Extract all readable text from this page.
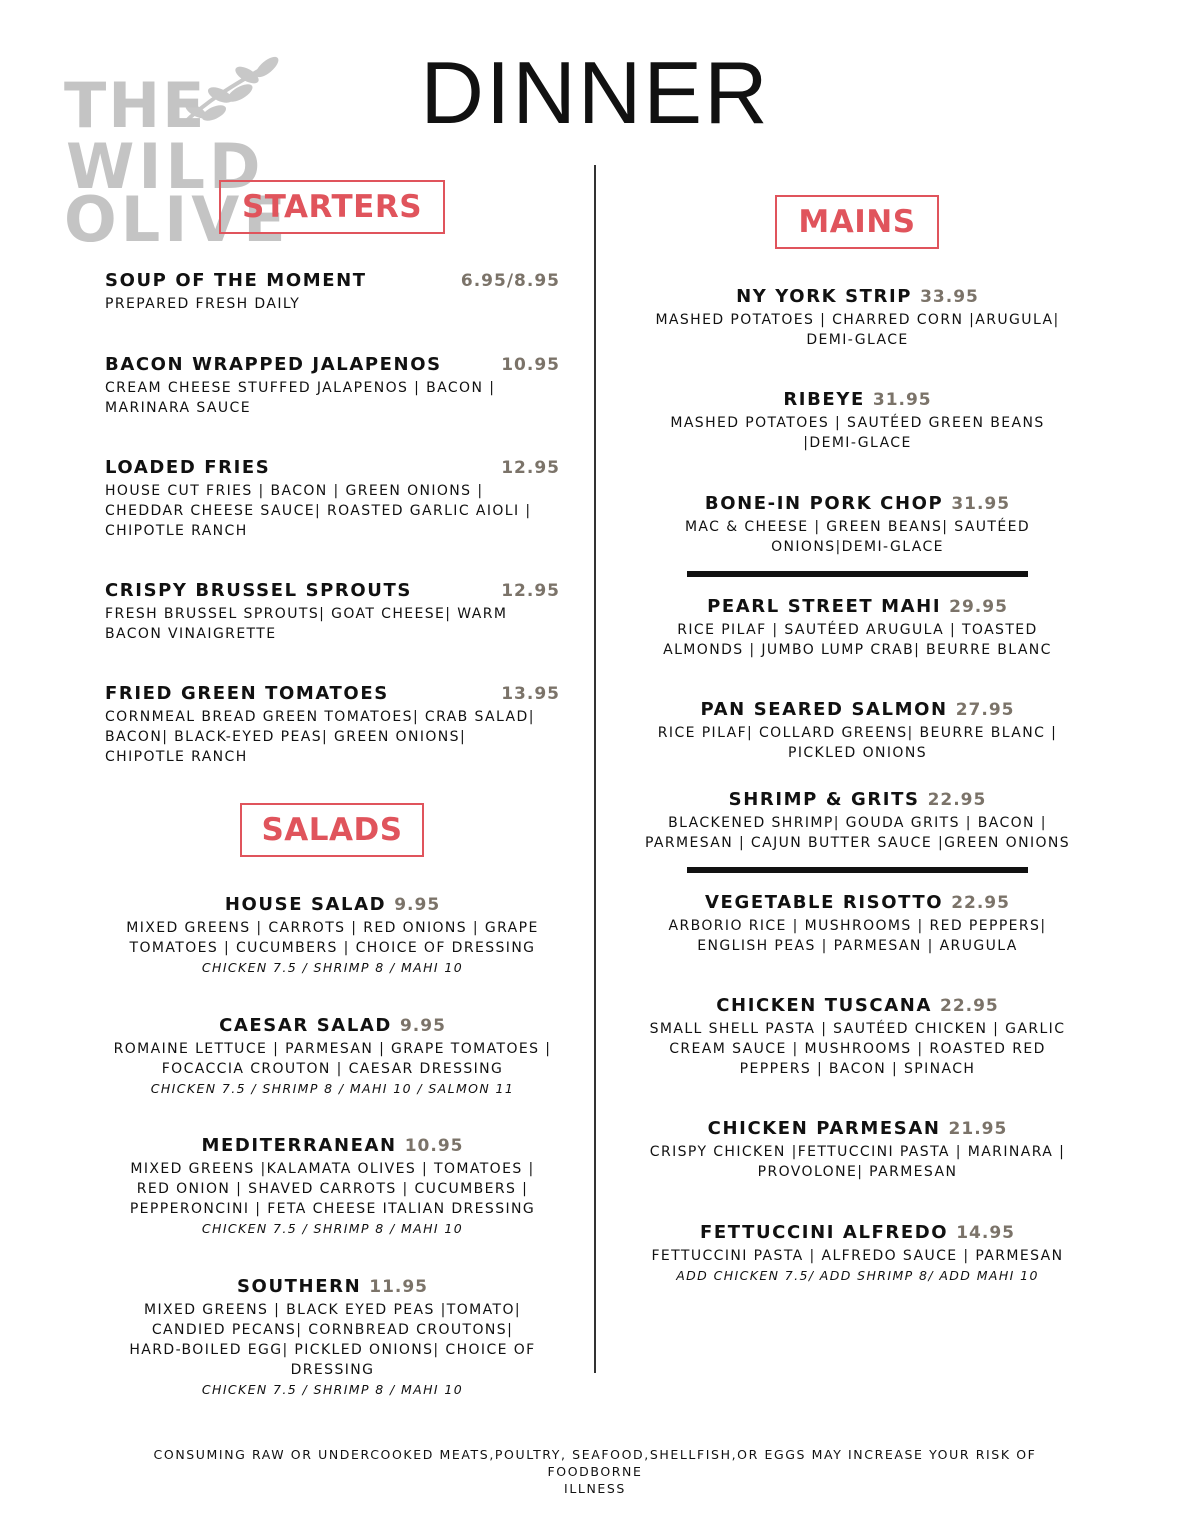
DINNER
THE
WILD
OLIVE
STARTERS	MAINS
SALADS
SOUP OF THE MOMENT	6.95/8.95
PREPARED FRESH DAILY
BACON WRAPPED JALAPENOS	10.95
CREAM CHEESE STUFFED JALAPENOS | BACON |
MARINARA SAUCE
LOADED FRIES	12.95
HOUSE CUT FRIES | BACON | GREEN ONIONS |
CHEDDAR CHEESE SAUCE| ROASTED GARLIC AIOLI |
CHIPOTLE RANCH
CRISPY BRUSSEL SPROUTS	12.95
FRESH BRUSSEL SPROUTS| GOAT CHEESE| WARM
BACON VINAIGRETTE
FRIED GREEN TOMATOES	13.95
CORNMEAL BREAD GREEN TOMATOES| CRAB SALAD|
BACON| BLACK-EYED PEAS| GREEN ONIONS|
CHIPOTLE RANCH
HOUSE SALAD 9.95
MIXED GREENS | CARROTS | RED ONIONS | GRAPE
TOMATOES | CUCUMBERS | CHOICE OF DRESSING
CHICKEN 7.5 / SHRIMP 8 / MAHI 10
CAESAR SALAD 9.95
ROMAINE LETTUCE | PARMESAN | GRAPE TOMATOES |
FOCACCIA CROUTON | CAESAR DRESSING
CHICKEN 7.5 / SHRIMP 8 / MAHI 10 / SALMON 11
MEDITERRANEAN 10.95
MIXED GREENS |KALAMATA OLIVES | TOMATOES |
RED ONION | SHAVED CARROTS | CUCUMBERS |
PEPPERONCINI | FETA CHEESE ITALIAN DRESSING
CHICKEN 7.5 / SHRIMP 8 / MAHI 10
SOUTHERN 11.95
MIXED GREENS | BLACK EYED PEAS |TOMATO|
CANDIED PECANS| CORNBREAD CROUTONS|
HARD-BOILED EGG| PICKLED ONIONS| CHOICE OF
DRESSING
CHICKEN 7.5 / SHRIMP 8 / MAHI 10
NY YORK STRIP 33.95
MASHED POTATOES | CHARRED CORN |ARUGULA|
DEMI-GLACE
RIBEYE 31.95
MASHED POTATOES | SAUTÉED GREEN BEANS
|DEMI-GLACE
BONE-IN PORK CHOP 31.95
MAC & CHEESE | GREEN BEANS| SAUTÉED
ONIONS|DEMI-GLACE
PEARL STREET MAHI 29.95
RICE PILAF | SAUTÉED ARUGULA | TOASTED
ALMONDS | JUMBO LUMP CRAB| BEURRE BLANC
PAN SEARED SALMON 27.95
RICE PILAF| COLLARD GREENS| BEURRE BLANC |
PICKLED ONIONS
SHRIMP & GRITS 22.95
BLACKENED SHRIMP| GOUDA GRITS | BACON |
PARMESAN | CAJUN BUTTER SAUCE |GREEN ONIONS
VEGETABLE RISOTTO 22.95
ARBORIO RICE | MUSHROOMS | RED PEPPERS|
ENGLISH PEAS | PARMESAN | ARUGULA
CHICKEN TUSCANA 22.95
SMALL SHELL PASTA | SAUTÉED CHICKEN | GARLIC
CREAM SAUCE | MUSHROOMS | ROASTED RED
PEPPERS | BACON | SPINACH
CHICKEN PARMESAN 21.95
CRISPY CHICKEN |FETTUCCINI PASTA | MARINARA |
PROVOLONE| PARMESAN
FETTUCCINI ALFREDO 14.95
FETTUCCINI PASTA | ALFREDO SAUCE | PARMESAN
ADD CHICKEN 7.5/ ADD SHRIMP 8/ ADD MAHI 10
CONSUMING RAW OR UNDERCOOKED MEATS,POULTRY, SEAFOOD,SHELLFISH,OR EGGS MAY INCREASE YOUR RISK OF FOODBORNE
ILLNESS
